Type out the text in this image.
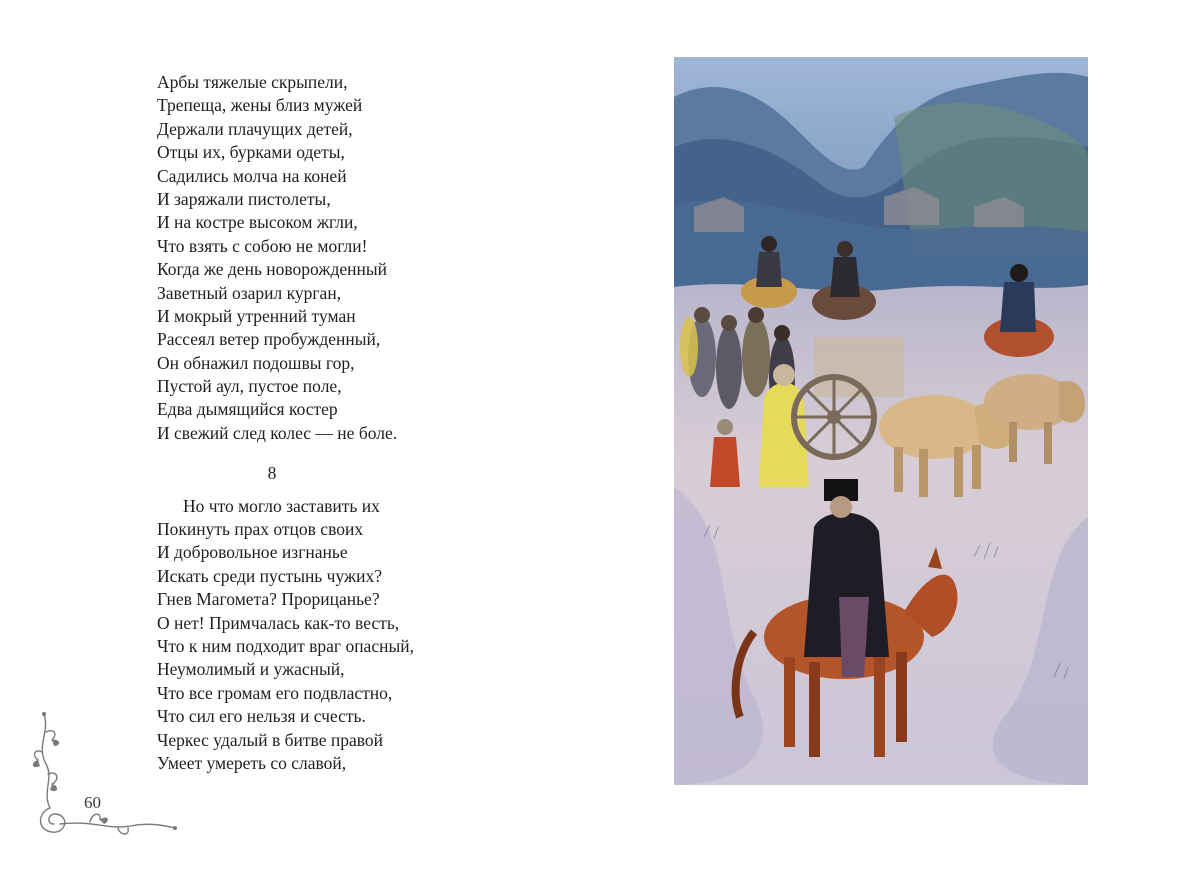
Арбы тяжелые скрыпели,
Трепеща, жены близ мужей
Держали плачущих детей,
Отцы их, бурками одеты,
Садились молча на коней
И заряжали пистолеты,
И на костре высоком жгли,
Что взять с собою не могли!
Когда же день новорожденный
Заветный озарил курган,
И мокрый утренний туман
Рассеял ветер пробужденный,
Он обнажил подошвы гор,
Пустой аул, пустое поле,
Едва дымящийся костер
И свежий след колес — не боле.
8
Но что могло заставить их
Покинуть прах отцов своих
И добровольное изгнанье
Искать среди пустынь чужих?
Гнев Магомета? Прорицанье?
О нет! Примчалась как-то весть,
Что к ним подходит враг опасный,
Неумолимый и ужасный,
Что все громам его подвластно,
Что сил его нельзя и счесть.
Черкес удалый в битве правой
Умеет умереть со славой,
60
